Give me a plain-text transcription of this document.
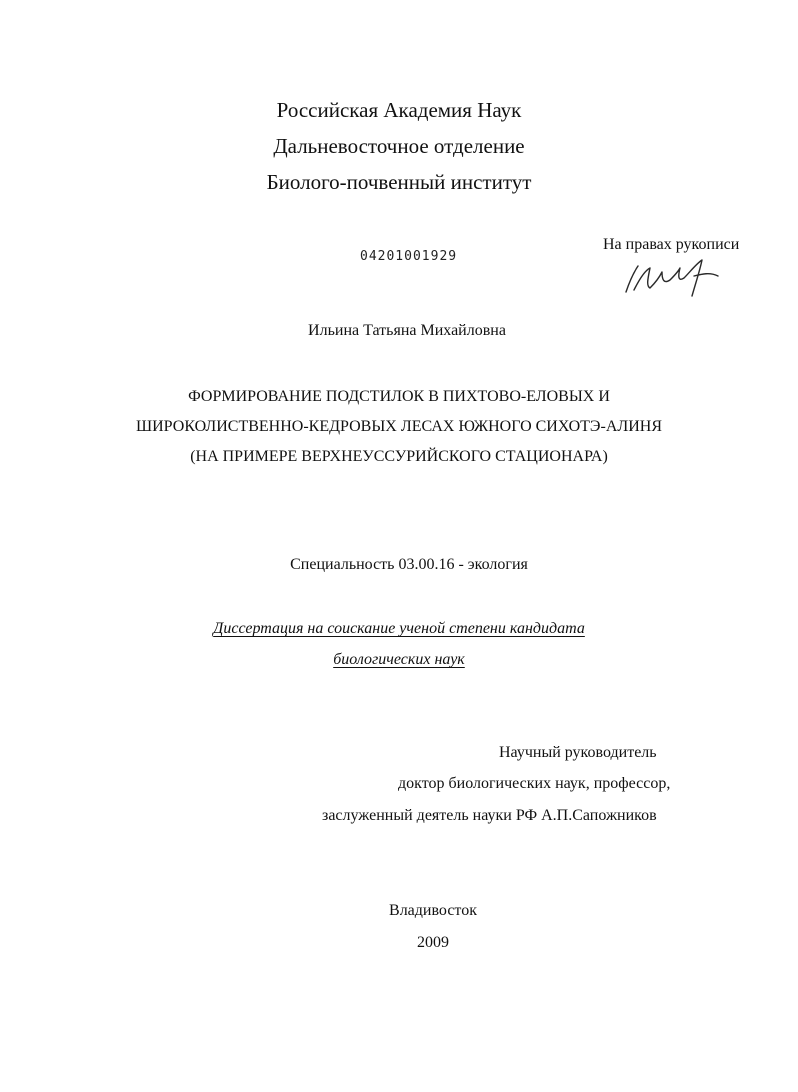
Российская Академия Наук
Дальневосточное отделение
Биолого-почвенный институт
04201001929
На правах рукописи
Ильина Татьяна Михайловна
ФОРМИРОВАНИЕ ПОДСТИЛОК В ПИХТОВО-ЕЛОВЫХ И
ШИРОКОЛИСТВЕННО-КЕДРОВЫХ ЛЕСАХ ЮЖНОГО СИХОТЭ-АЛИНЯ
(НА ПРИМЕРЕ ВЕРХНЕУССУРИЙСКОГО СТАЦИОНАРА)
Специальность 03.00.16 - экология
Диссертация на соискание ученой степени кандидата
биологических наук
Научный руководитель
доктор биологических наук, профессор,
заслуженный деятель науки РФ А.П.Сапожников
Владивосток
2009
